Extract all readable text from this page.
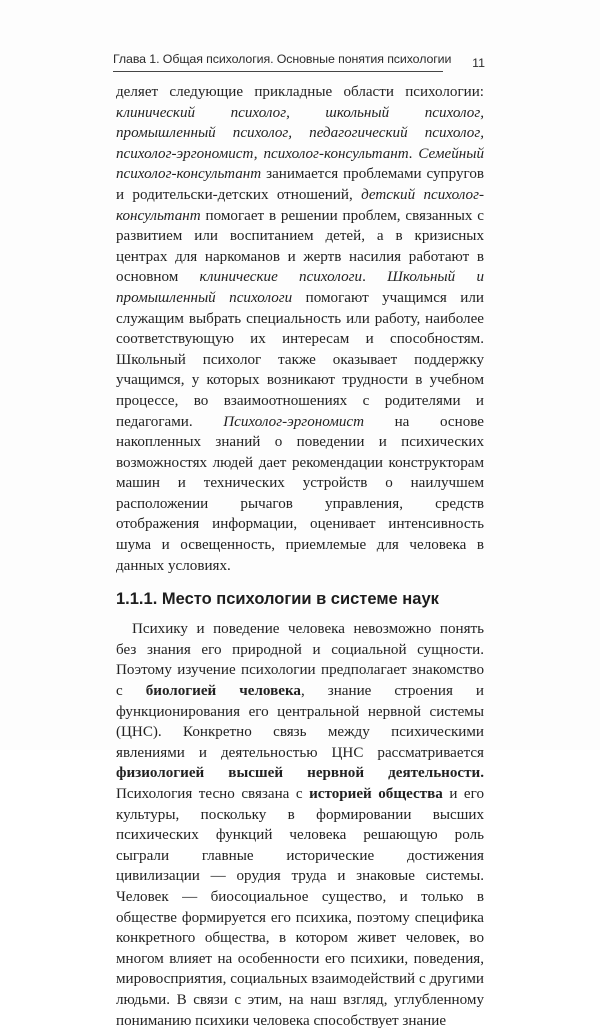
Глава 1. Общая психология. Основные понятия психологии 11

деляет следующие прикладные области психологии: клинический психолог, школьный психолог, промышленный психолог, педагогический психолог, психолог-эргономист, психолог-консультант. Семейный психолог-консультант занимается проблемами супругов и родительски-детских отношений, детский психолог-консультант помогает в решении проблем, связанных с развитием или воспитанием детей, а в кризисных центрах для наркоманов и жертв насилия работают в основном клинические психологи. Школьный и промышленный психологи помогают учащимся или служащим выбрать специальность или работу, наиболее соответствующую их интересам и способностям. Школьный психолог также оказывает поддержку учащимся, у которых возникают трудности в учебном процессе, во взаимоотношениях с родителями и педагогами. Психолог-эргономист на основе накопленных знаний о поведении и психических возможностях людей дает рекомендации конструкторам машин и технических устройств о наилучшем расположении рычагов управления, средств отображения информации, оценивает интенсивность шума и освещенность, приемлемые для человека в данных условиях.

1.1.1. Место психологии в системе наук

Психику и поведение человека невозможно понять без знания его природной и социальной сущности. Поэтому изучение психологии предполагает знакомство с биологией человека, знание строения и функционирования его центральной нервной системы (ЦНС). Конкретно связь между психическими явлениями и деятельностью ЦНС рассматривается физиологией высшей нервной деятельности. Психология тесно связана с историей общества и его культуры, поскольку в формировании высших психических функций человека решающую роль сыграли главные исторические достижения цивилизации — орудия труда и знаковые системы. Человек — биосоциальное существо, и только в обществе формируется его психика, поэтому специфика конкретного общества, в котором живет человек, во многом влияет на особенности его психики, поведения, мировосприятия, социальных взаимодействий с другими людьми. В связи с этим, на наш взгляд, углубленному пониманию психики человека способствует знание
